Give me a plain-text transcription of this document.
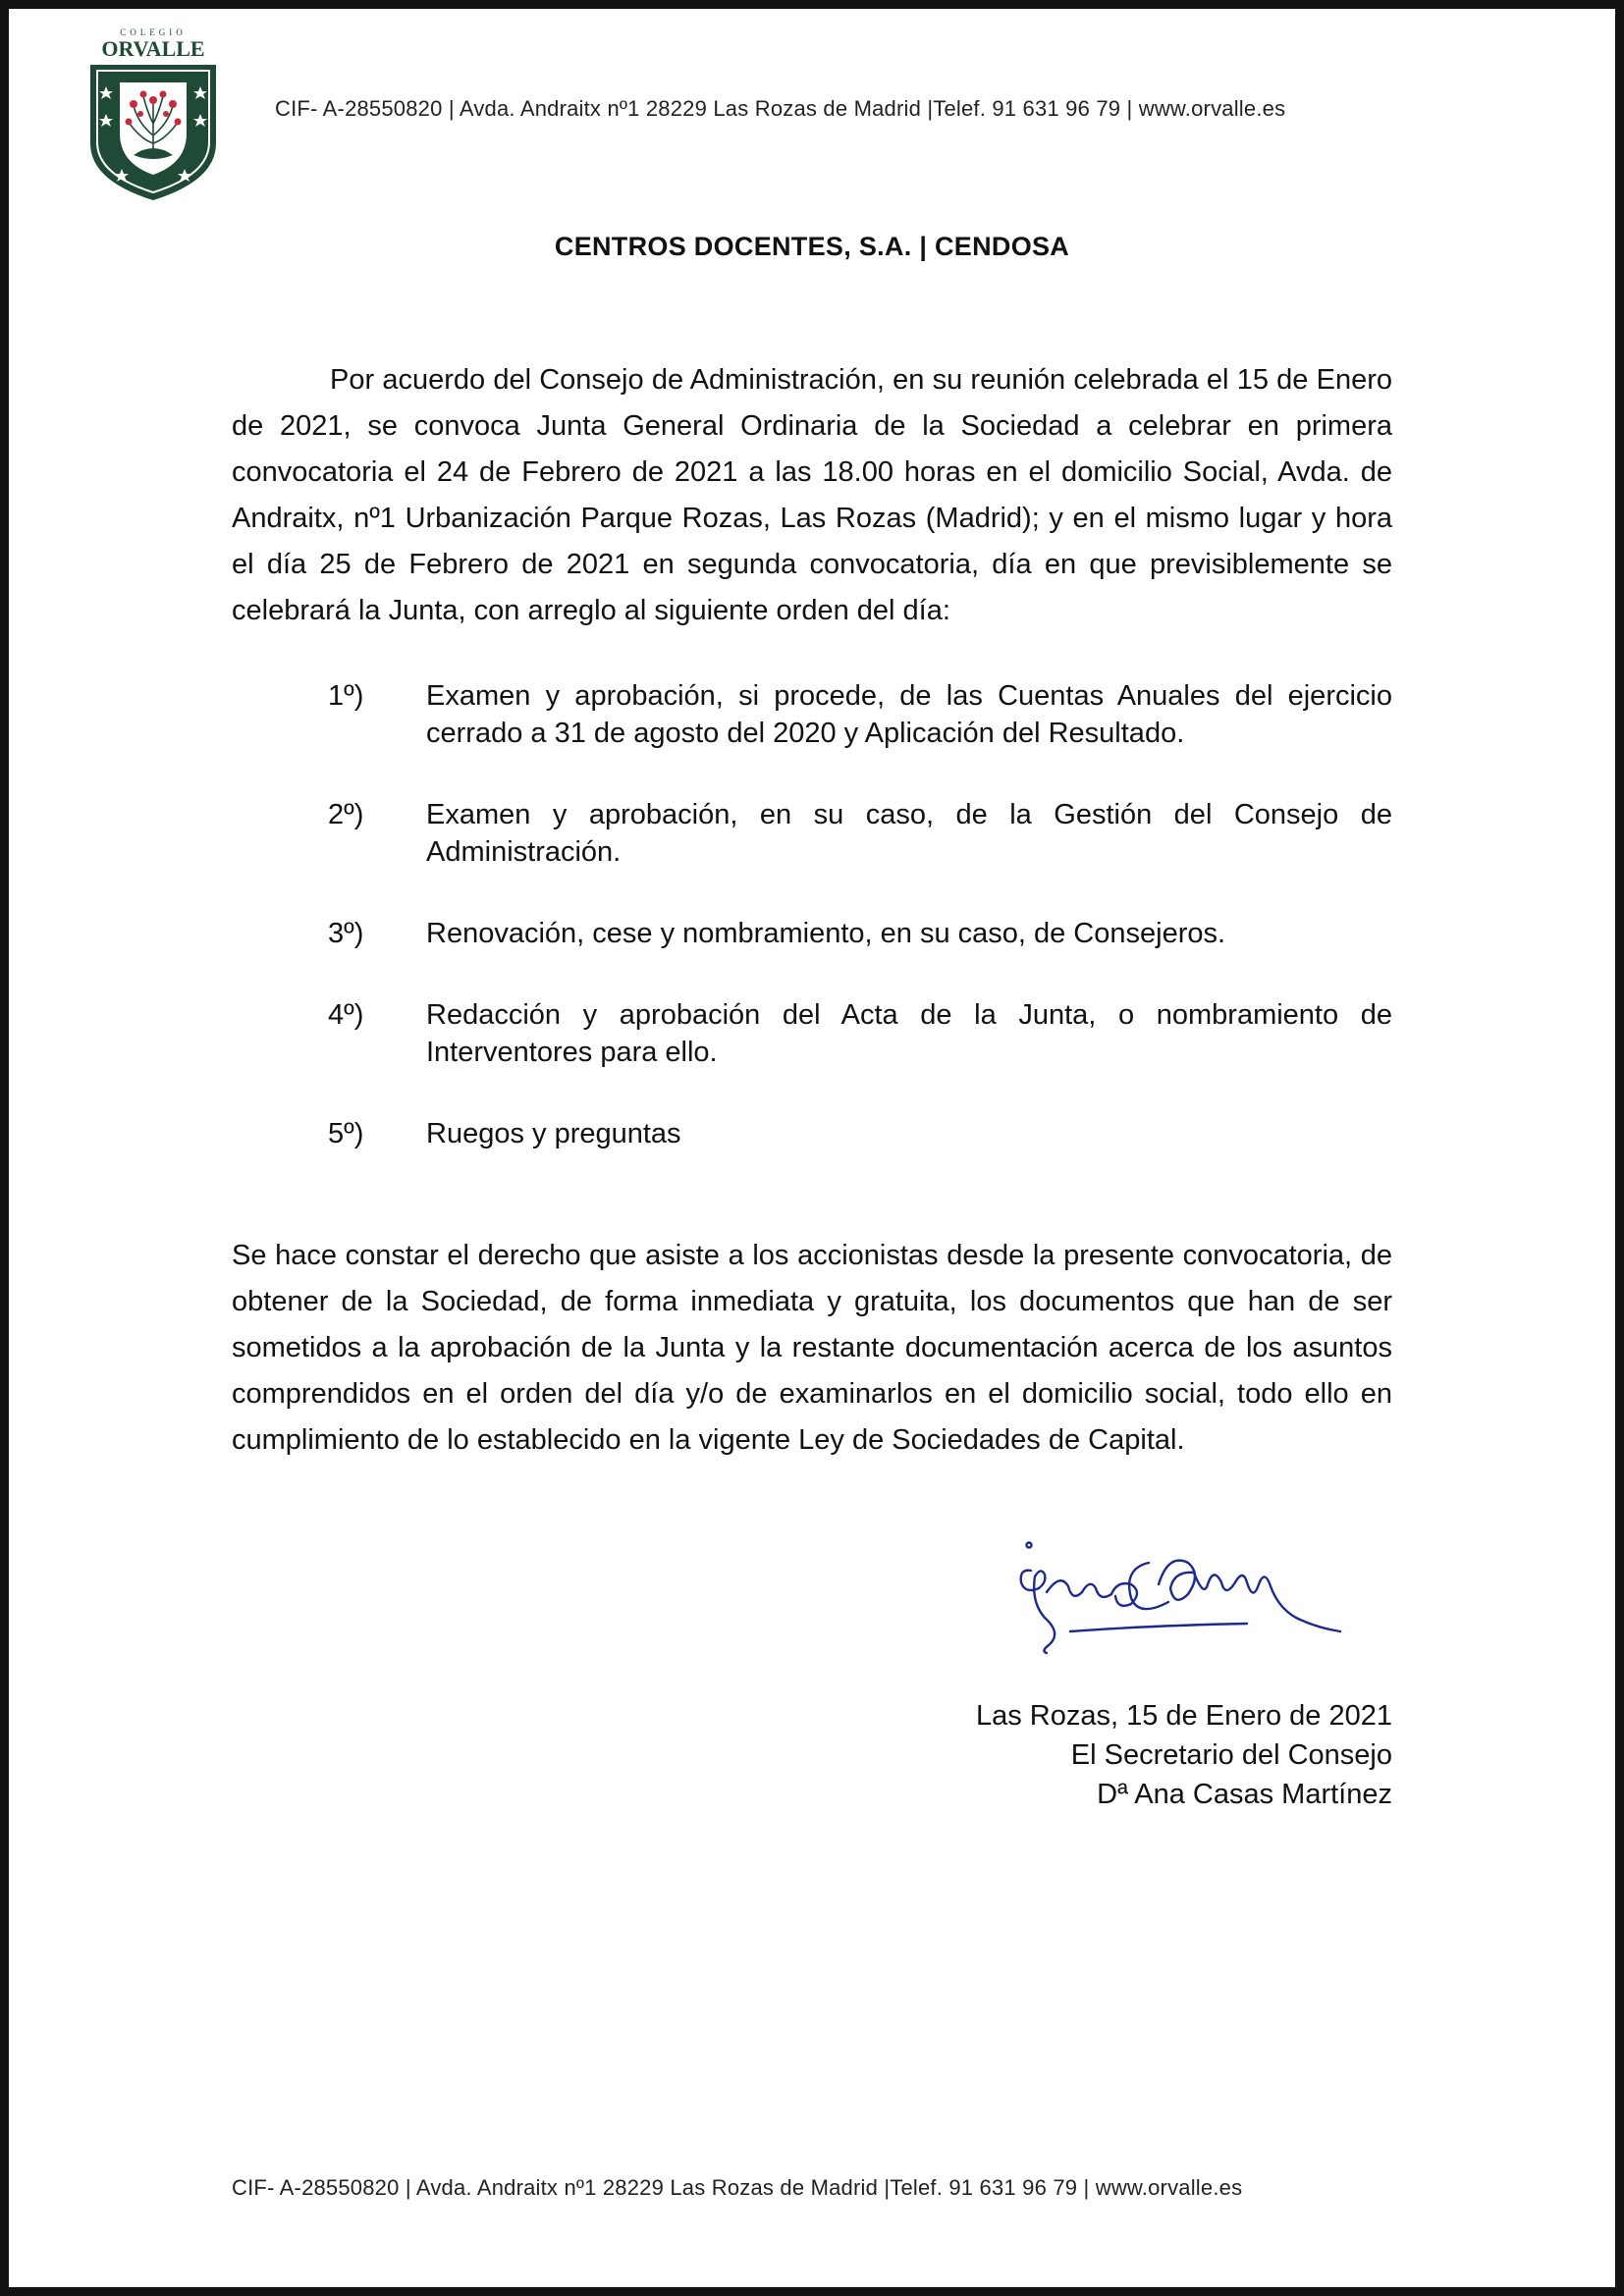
COLEGIO
ORVALLE
CIF- A-28550820 | Avda. Andraitx nº1 28229 Las Rozas de Madrid |Telef. 91 631 96 79 | www.orvalle.es
CENTROS DOCENTES, S.A. | CENDOSA

Por acuerdo del Consejo de Administración, en su reunión celebrada el 15 de Enero de 2021, se convoca Junta General Ordinaria de la Sociedad a celebrar en primera convocatoria el 24 de Febrero de 2021 a las 18.00 horas en el domicilio Social, Avda. de Andraitx, nº1 Urbanización Parque Rozas, Las Rozas (Madrid); y en el mismo lugar y hora el día 25 de Febrero de 2021 en segunda convocatoria, día en que previsiblemente se celebrará la Junta, con arreglo al siguiente orden del día:

1º)	Examen y aprobación, si procede, de las Cuentas Anuales del ejercicio cerrado a 31 de agosto del 2020 y Aplicación del Resultado.
2º)	Examen y aprobación, en su caso, de la Gestión del Consejo de Administración.
3º)	Renovación, cese y nombramiento, en su caso, de Consejeros.
4º)	Redacción y aprobación del Acta de la Junta, o nombramiento de Interventores para ello.
5º)	Ruegos y preguntas

Se hace constar el derecho que asiste a los accionistas desde la presente convocatoria, de obtener de la Sociedad, de forma inmediata y gratuita, los documentos que han de ser sometidos a la aprobación de la Junta y la restante documentación acerca de los asuntos comprendidos en el orden del día y/o de examinarlos en el domicilio social, todo ello en cumplimiento de lo establecido en la vigente Ley de Sociedades de Capital.

Las Rozas, 15 de Enero de 2021
El Secretario del Consejo
Dª Ana Casas Martínez
CIF- A-28550820 | Avda. Andraitx nº1 28229 Las Rozas de Madrid |Telef. 91 631 96 79 | www.orvalle.es
